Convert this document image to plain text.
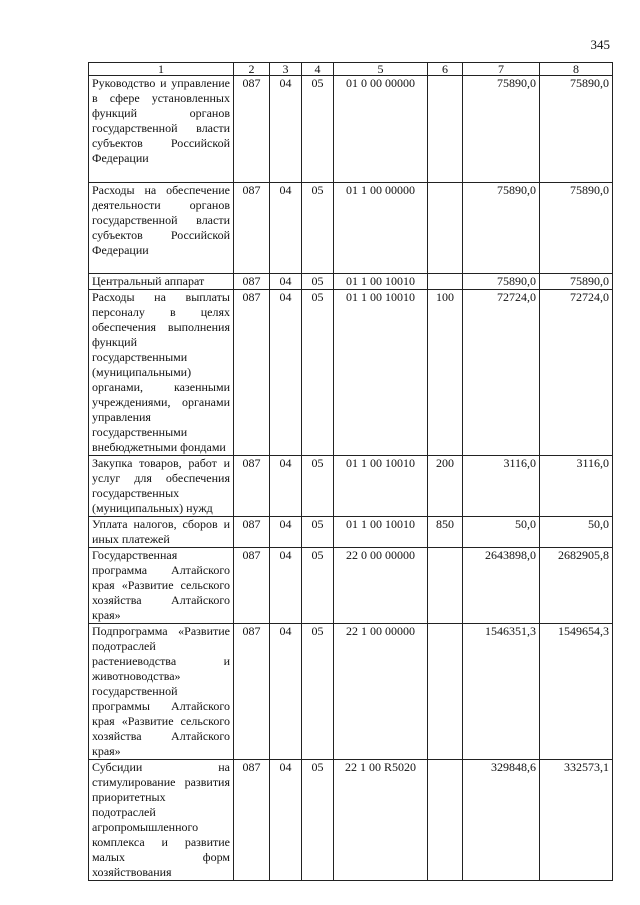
345
1	2	3	4	5	6	7	8
Руководство и управление в сфере установленных функций органов государственной власти субъектов Российской Федерации	087	04	05	01 0 00 00000		75890,0	75890,0
Расходы на обеспечение деятельности органов государственной власти субъектов Российской Федерации	087	04	05	01 1 00 00000		75890,0	75890,0
Центральный аппарат	087	04	05	01 1 00 10010		75890,0	75890,0
Расходы на выплаты персоналу в целях обеспечения выполнения функций государственными (муниципальными) органами, казенными учреждениями, органами управления государственными внебюджетными фондами	087	04	05	01 1 00 10010	100	72724,0	72724,0
Закупка товаров, работ и услуг для обеспечения государственных (муниципальных) нужд	087	04	05	01 1 00 10010	200	3116,0	3116,0
Уплата налогов, сборов и иных платежей	087	04	05	01 1 00 10010	850	50,0	50,0
Государственная программа Алтайского края «Развитие сельского хозяйства Алтайского края»	087	04	05	22 0 00 00000		2643898,0	2682905,8
Подпрограмма «Развитие подотраслей растениеводства и животноводства» государственной программы Алтайского края «Развитие сельского хозяйства Алтайского края»	087	04	05	22 1 00 00000		1546351,3	1549654,3
Субсидии на стимулирование развития приоритетных подотраслей агропромышленного комплекса и развитие малых форм хозяйствования	087	04	05	22 1 00 R5020		329848,6	332573,1
